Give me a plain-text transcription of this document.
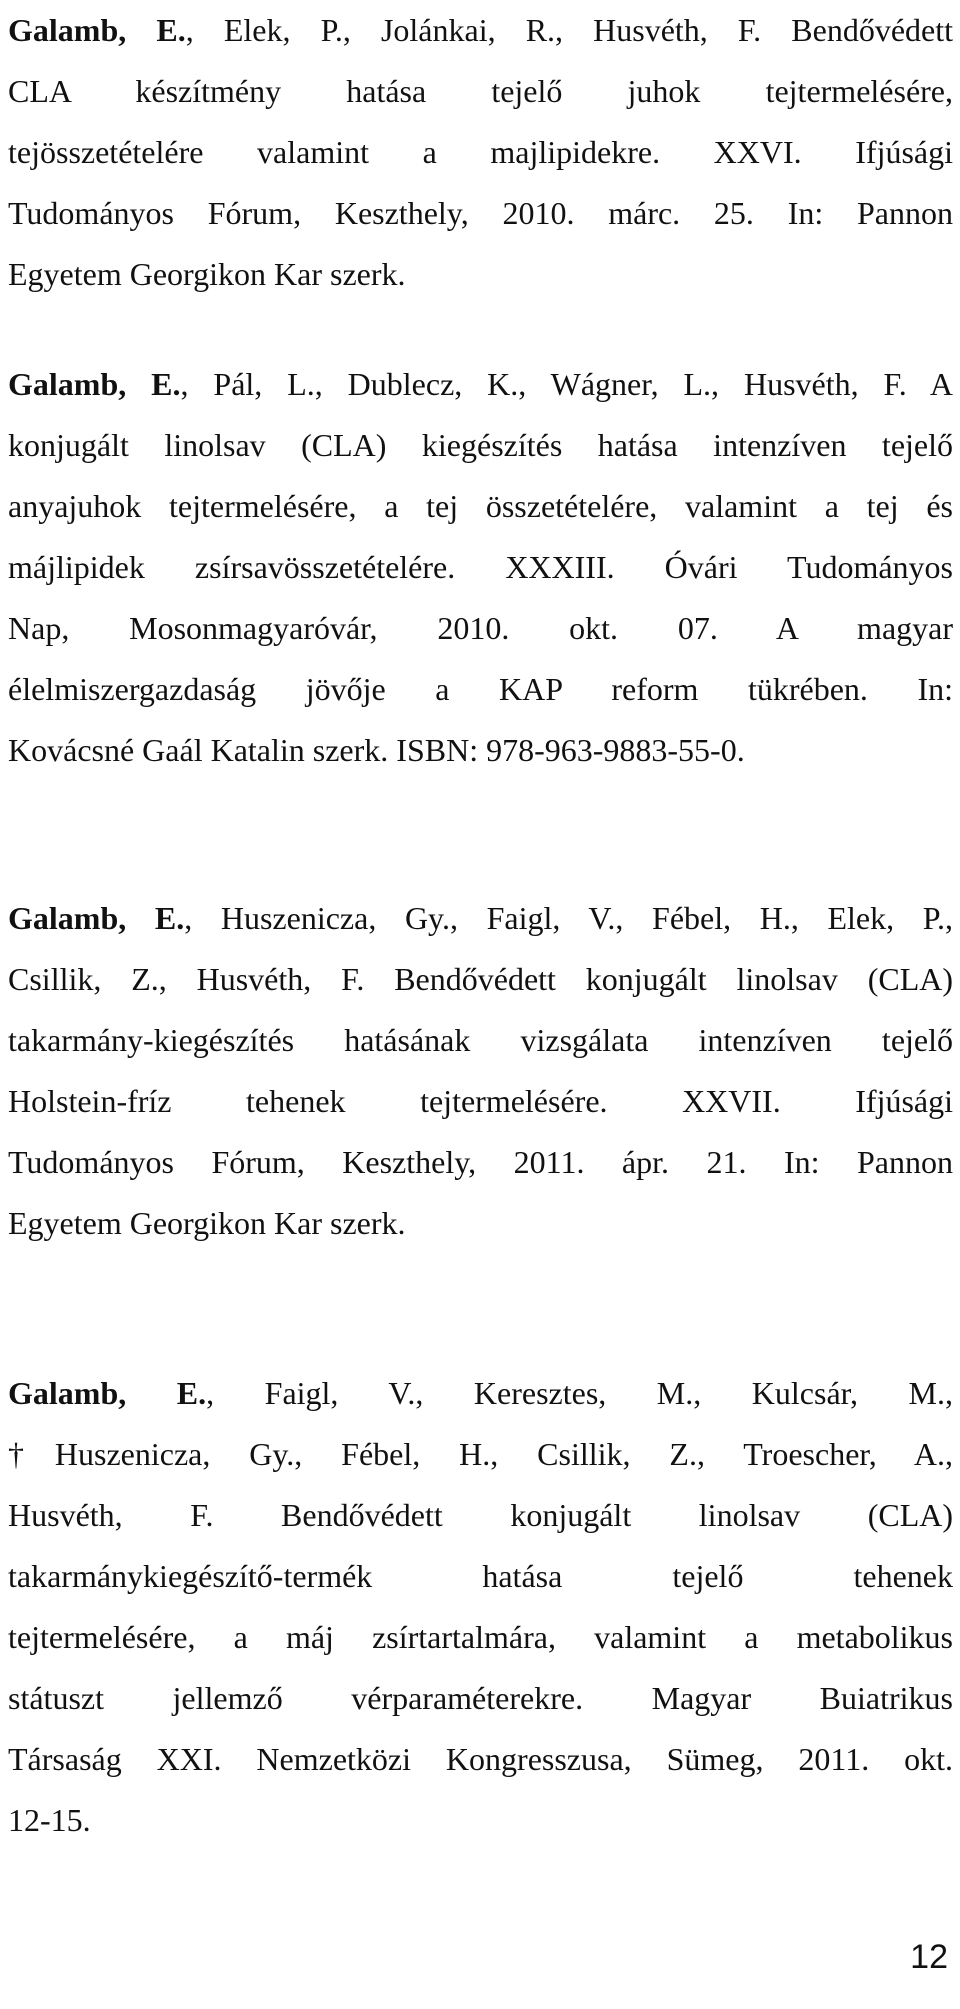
Galamb, E., Elek, P., Jolánkai, R., Husvéth, F. Bendővédett
CLA készítmény hatása tejelő juhok tejtermelésére,
tejösszetételére valamint a majlipidekre. XXVI. Ifjúsági
Tudományos Fórum, Keszthely, 2010. márc. 25. In: Pannon
Egyetem Georgikon Kar szerk.
Galamb, E., Pál, L., Dublecz, K., Wágner, L., Husvéth, F. A
konjugált linolsav (CLA) kiegészítés hatása intenzíven tejelő
anyajuhok tejtermelésére, a tej összetételére, valamint a tej és
májlipidek zsírsavösszetételére. XXXIII. Óvári Tudományos
Nap, Mosonmagyaróvár, 2010. okt. 07. A magyar
élelmiszergazdaság jövője a KAP reform tükrében. In:
Kovácsné Gaál Katalin szerk. ISBN: 978-963-9883-55-0.
Galamb, E., Huszenicza, Gy., Faigl, V., Fébel, H., Elek, P.,
Csillik, Z., Husvéth, F. Bendővédett konjugált linolsav (CLA)
takarmány-kiegészítés hatásának vizsgálata intenzíven tejelő
Holstein-fríz tehenek tejtermelésére. XXVII. Ifjúsági
Tudományos Fórum, Keszthely, 2011. ápr. 21. In: Pannon
Egyetem Georgikon Kar szerk.
Galamb, E., Faigl, V., Keresztes, M., Kulcsár, M.,
†Huszenicza, Gy., Fébel, H., Csillik, Z., Troescher, A.,
Husvéth, F. Bendővédett konjugált linolsav (CLA)
takarmánykiegészítő-termék hatása tejelő tehenek
tejtermelésére, a máj zsírtartalmára, valamint a metabolikus
státuszt jellemző vérparaméterekre. Magyar Buiatrikus
Társaság XXI. Nemzetközi Kongresszusa, Sümeg, 2011. okt.
12-15.
12
